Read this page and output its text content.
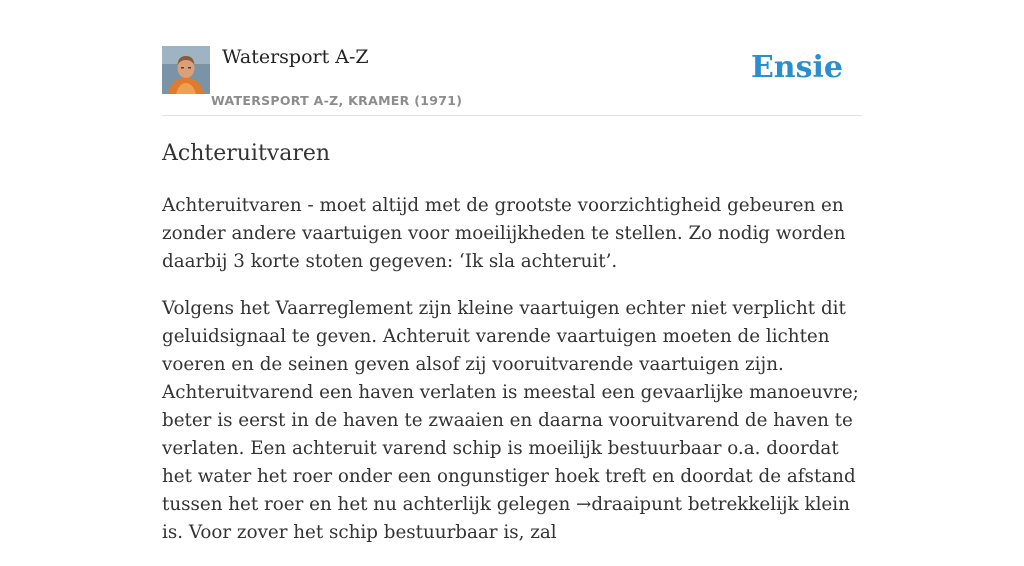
Watersport A-Z
WATERSPORT A-Z, KRAMER (1971)
Ensie
Achteruitvaren

Achteruitvaren - moet altijd met de grootste voorzichtigheid gebeuren en zonder andere vaartuigen voor moeilijkheden te stellen. Zo nodig worden daarbij 3 korte stoten gegeven: ‘Ik sla achteruit’.

Volgens het Vaarreglement zijn kleine vaartuigen echter niet verplicht dit geluidsignaal te geven. Achteruit varende vaartuigen moeten de lichten voeren en de seinen geven alsof zij vooruitvarende vaartuigen zijn. Achteruitvarend een haven verlaten is meestal een gevaarlijke manoeuvre; beter is eerst in de haven te zwaaien en daarna vooruitvarend de haven te verlaten. Een achteruit varend schip is moeilijk bestuurbaar o.a. doordat het water het roer onder een ongunstiger hoek treft en doordat de afstand tussen het roer en het nu achterlijk gelegen →draaipunt betrekkelijk klein is. Voor zover het schip bestuurbaar is, zal
